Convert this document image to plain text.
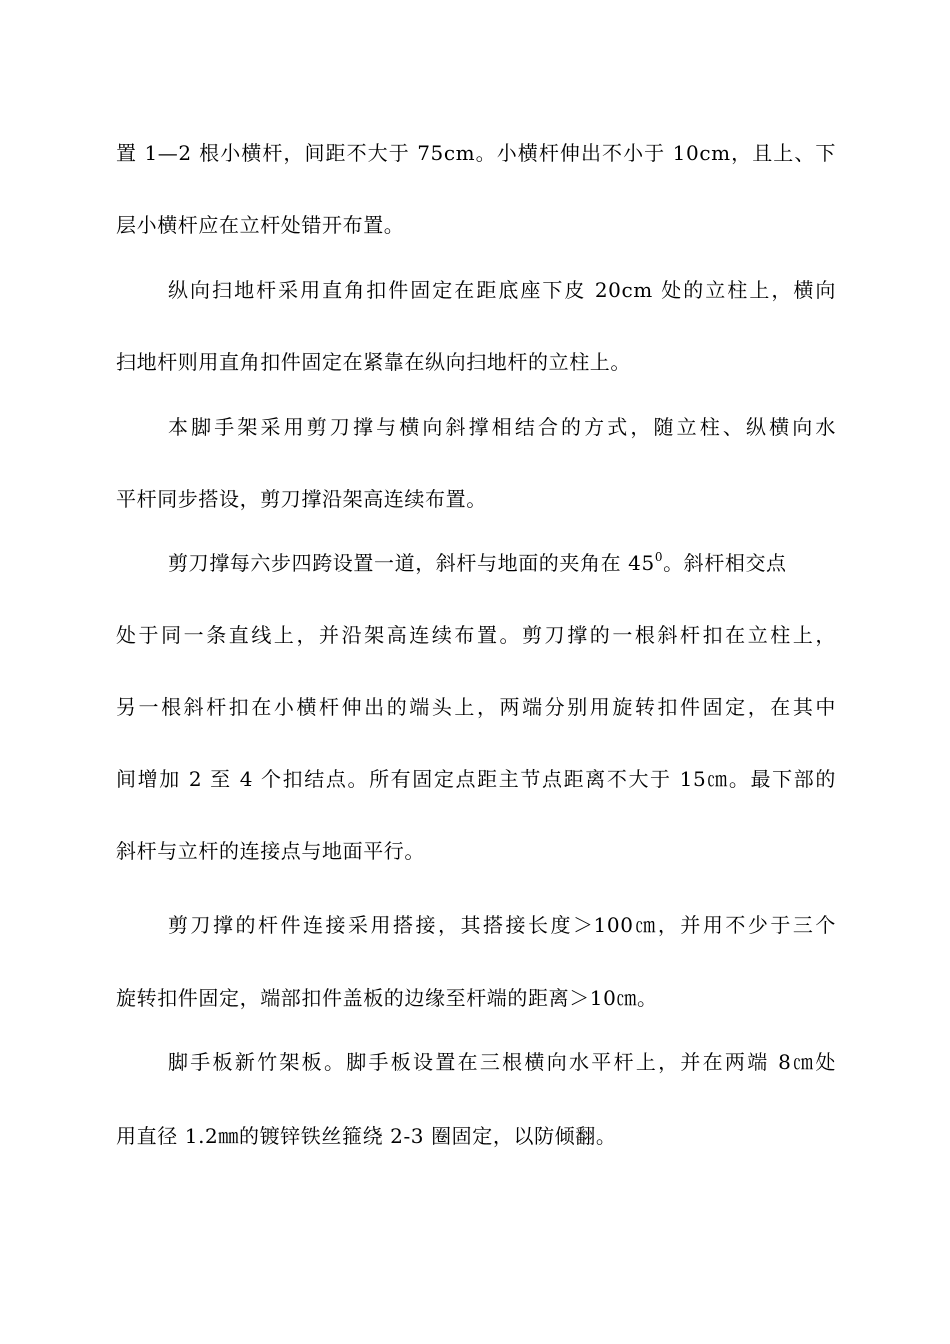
置 1—2 根小横杆，间距不大于 75cm。小横杆伸出不小于 10cm，且上、下
层小横杆应在立杆处错开布置。
纵向扫地杆采用直角扣件固定在距底座下皮 20cm 处的立柱上，横向
扫地杆则用直角扣件固定在紧靠在纵向扫地杆的立柱上。
本脚手架采用剪刀撑与横向斜撑相结合的方式，随立柱、纵横向水
平杆同步搭设，剪刀撑沿架高连续布置。
剪刀撑每六步四跨设置一道，斜杆与地面的夹角在 $45^0$。斜杆相交点
处于同一条直线上，并沿架高连续布置。剪刀撑的一根斜杆扣在立柱上，
另一根斜杆扣在小横杆伸出的端头上，两端分别用旋转扣件固定，在其中
间增加 2 至 4 个扣结点。所有固定点距主节点距离不大于 15㎝。最下部的
斜杆与立杆的连接点与地面平行。
剪刀撑的杆件连接采用搭接，其搭接长度＞100㎝，并用不少于三个
旋转扣件固定，端部扣件盖板的边缘至杆端的距离＞10㎝。
脚手板新竹架板。脚手板设置在三根横向水平杆上，并在两端 8㎝处
用直径 1.2㎜的镀锌铁丝箍绕 2-3 圈固定，以防倾翻。
